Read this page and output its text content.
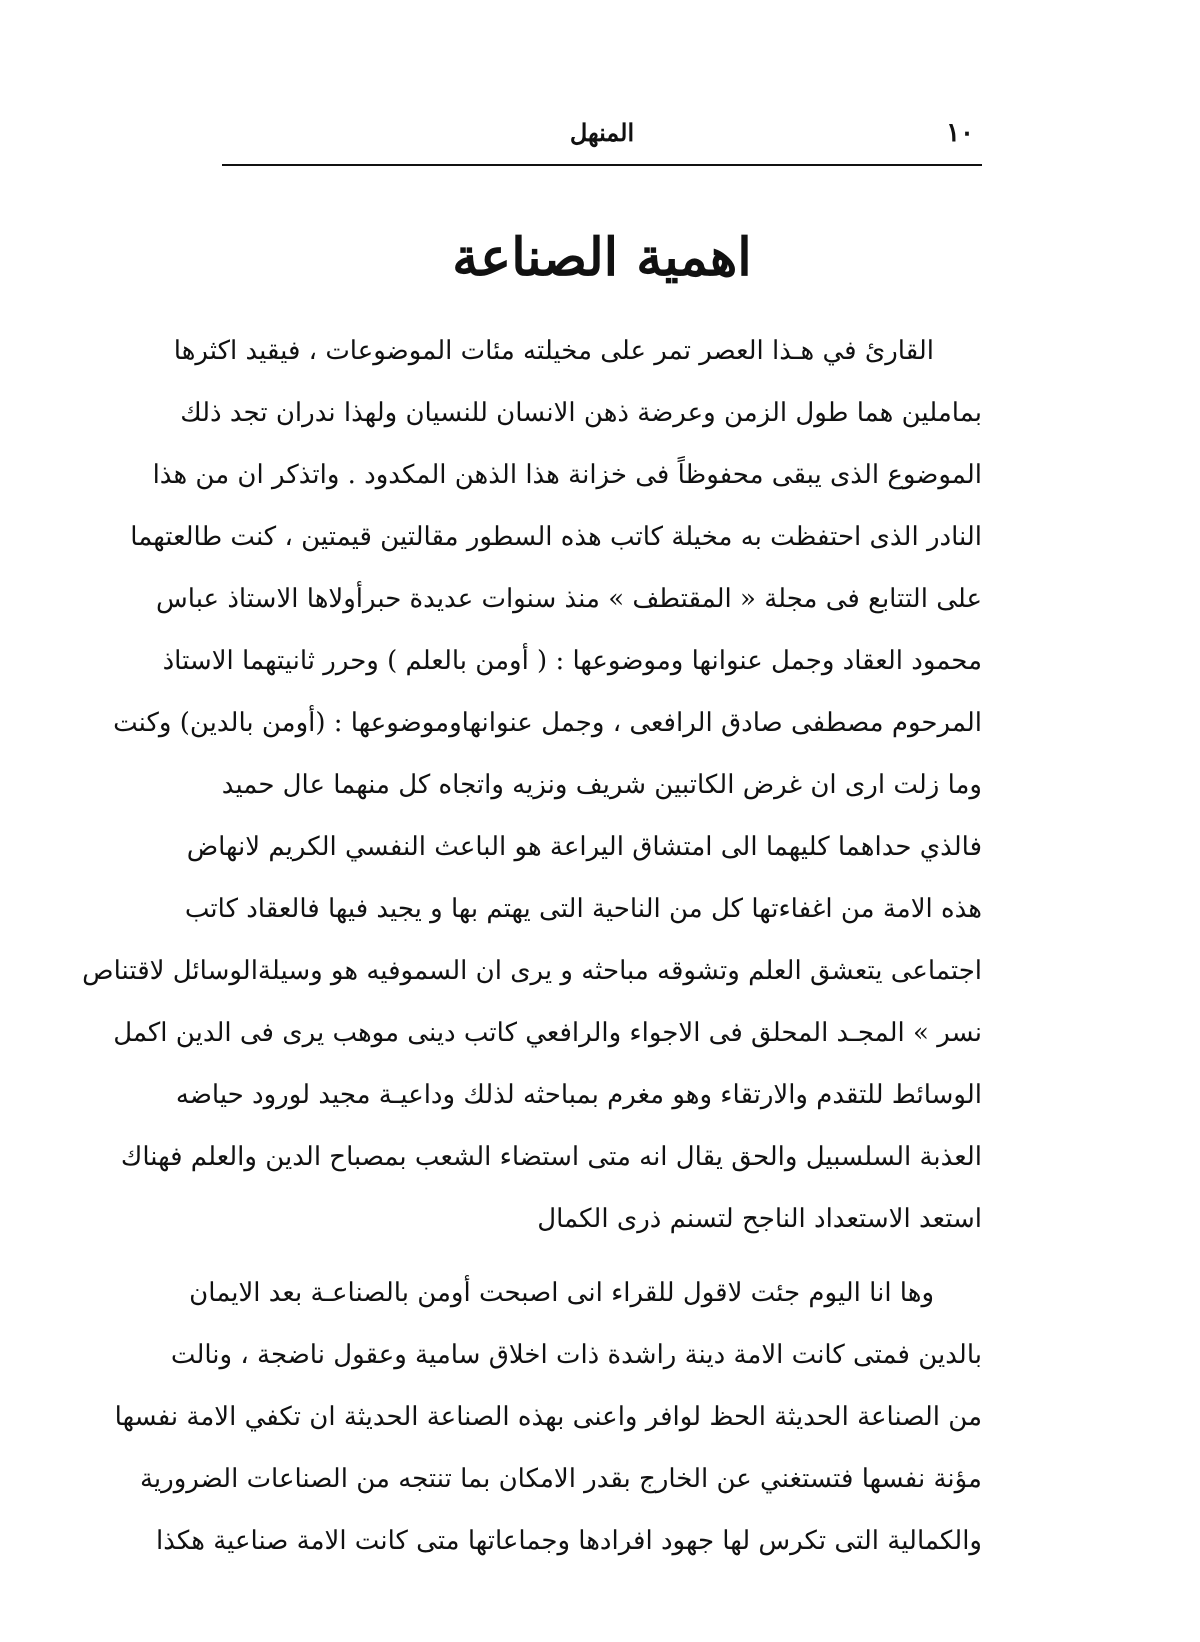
١٠
المنهل
اهمية الصناعة
القارئ في هـذا العصر تمر على مخيلته مئات الموضوعات ، فيقيد اكثرها
بماملين هما طول الزمن وعرضة ذهن الانسان للنسيان ولهذا ندران تجد ذلك
الموضوع الذى يبقى محفوظاً فى خزانة هذا الذهن المكدود . واتذكر ان من هذا
النادر الذى احتفظت به مخيلة كاتب هذه السطور مقالتين قيمتين ، كنت طالعتهما
على التتابع فى مجلة « المقتطف » منذ سنوات عديدة حبرأولاها الاستاذ عباس
محمود العقاد وجمل عنوانها وموضوعها : ( أومن بالعلم ) وحرر ثانيتهما الاستاذ
المرحوم مصطفى صادق الرافعى ، وجمل عنوانهاوموضوعها : (أومن بالدين) وكنت
وما زلت ارى ان غرض الكاتبين شريف ونزيه واتجاه كل منهما عال حميد
فالذي حداهما كليهما الى امتشاق اليراعة هو الباعث النفسي الكريم لانهاض
هذه الامة من اغفاءتها كل من الناحية التى يهتم بها و يجيد فيها فالعقاد كاتب
اجتماعى يتعشق العلم وتشوقه مباحثه و يرى ان السموفيه هو وسيلةالوسائل لاقتناص
نسر » المجـد المحلق فى الاجواء والرافعي كاتب دينى موهب يرى فى الدين اكمل
الوسائط للتقدم والارتقاء وهو مغرم بمباحثه لذلك وداعيـة مجيد لورود حياضه
العذبة السلسبيل والحق يقال انه متى استضاء الشعب بمصباح الدين والعلم فهناك
استعد الاستعداد الناجح لتسنم ذرى الكمال
وها انا اليوم جئت لاقول للقراء انى اصبحت أومن بالصناعـة بعد الايمان
بالدين فمتى كانت الامة دينة راشدة ذات اخلاق سامية وعقول ناضجة ، ونالت
من الصناعة الحديثة الحظ لوافر واعنى بهذه الصناعة الحديثة ان تكفي الامة نفسها
مؤنة نفسها فتستغني عن الخارج بقدر الامكان بما تنتجه من الصناعات الضرورية
والكمالية التى تكرس لها جهود افرادها وجماعاتها متى كانت الامة صناعية هكذا
